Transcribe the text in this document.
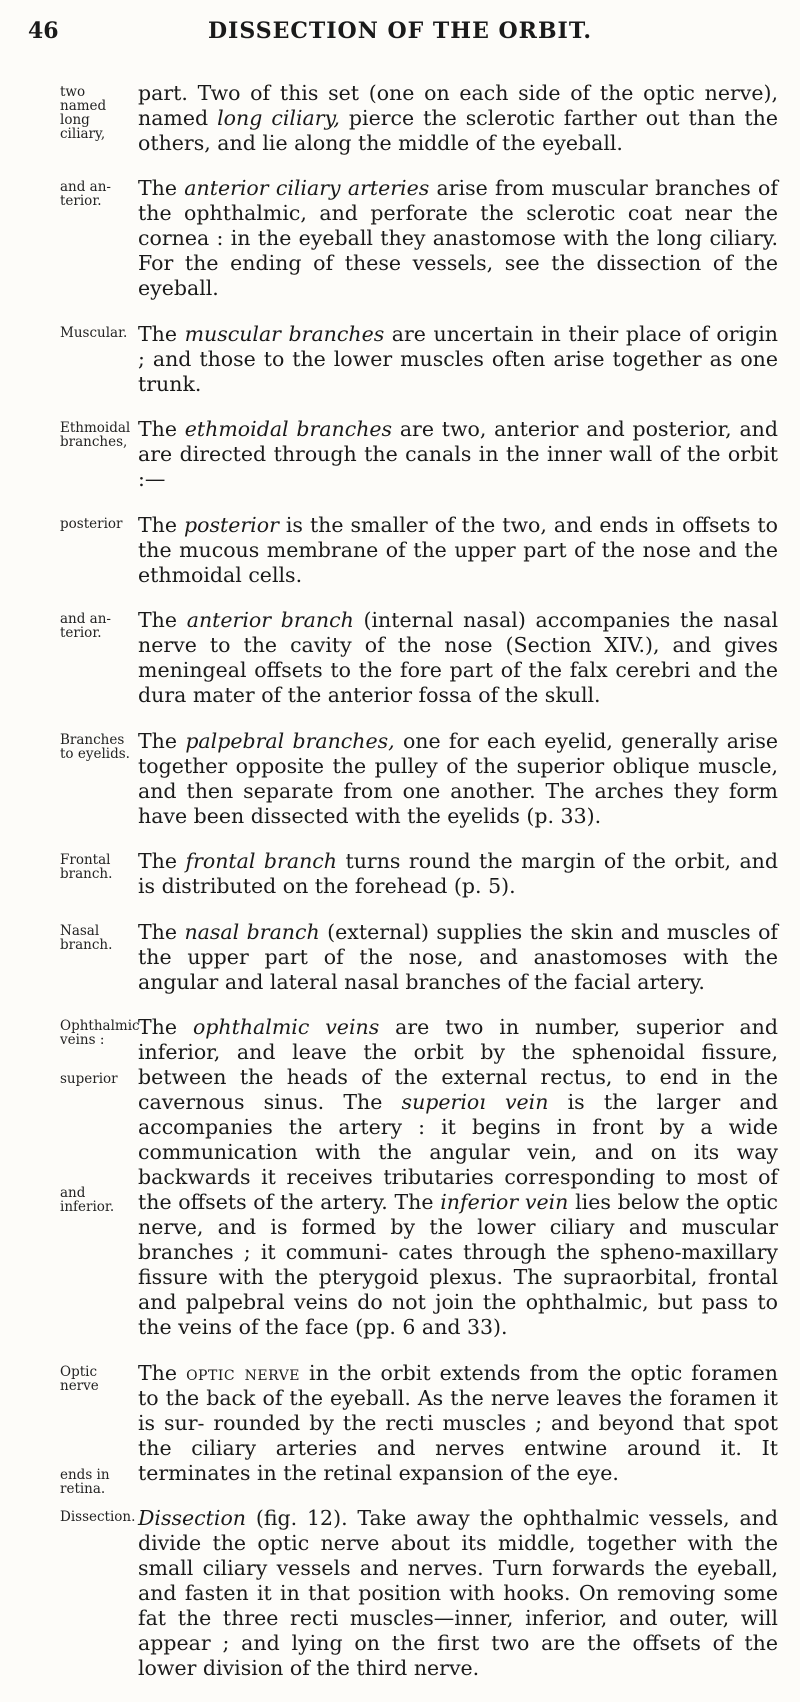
46	DISSECTION OF THE ORBIT.
two named
long ciliary,

part. Two of this set (one on each side of the optic nerve), named long ciliary, pierce the sclerotic farther out than the others, and lie along the middle of the eyeball.

and an-
terior.

The anterior ciliary arteries arise from muscular branches of the ophthalmic, and perforate the sclerotic coat near the cornea : in the eyeball they anastomose with the long ciliary. For the ending of these vessels, see the dissection of the eyeball.

Muscular. The muscular branches are uncertain in their place of origin ; and those to the lower muscles often arise together as one trunk.

Ethmoidal
branches,

The ethmoidal branches are two, anterior and posterior, and are directed through the canals in the inner wall of the orbit :—

posterior The posterior is the smaller of the two, and ends in offsets to the mucous membrane of the upper part of the nose and the ethmoidal cells.

and an-
terior.

The anterior branch (internal nasal) accompanies the nasal nerve to the cavity of the nose (Section XIV.), and gives meningeal offsets to the fore part of the falx cerebri and the dura mater of the anterior fossa of the skull.

Branches
to eyelids.

The palpebral branches, one for each eyelid, generally arise together opposite the pulley of the superior oblique muscle, and then separate from one another. The arches they form have been dissected with the eyelids (p. 33).

Frontal
branch.

The frontal branch turns round the margin of the orbit, and is distributed on the forehead (p. 5).

Nasal
branch.

The nasal branch (external) supplies the skin and muscles of the upper part of the nose, and anastomoses with the angular and lateral nasal branches of the facial artery.

Ophthalmic
veins :
superior
and inferior.

The ophthalmic veins are two in number, superior and inferior, and leave the orbit by the sphenoidal fissure, between the heads of the external rectus, to end in the cavernous sinus. The superioı vein is the larger and accompanies the artery : it begins in front by a wide communication with the angular vein, and on its way backwards it receives tributaries corresponding to most of the offsets of the artery. The inferior vein lies below the optic nerve, and is formed by the lower ciliary and muscular branches ; it communi- cates through the spheno-maxillary fissure with the pterygoid plexus. The supraorbital, frontal and palpebral veins do not join the ophthalmic, but pass to the veins of the face (pp. 6 and 33).

Optic nerve
ends in
retina.

The optic nerve in the orbit extends from the optic foramen to the back of the eyeball. As the nerve leaves the foramen it is sur- rounded by the recti muscles ; and beyond that spot the ciliary arteries and nerves entwine around it. It terminates in the retinal expansion of the eye.

Dissection. Dissection (fig. 12). Take away the ophthalmic vessels, and divide the optic nerve about its middle, together with the small ciliary vessels and nerves. Turn forwards the eyeball, and fasten it in that position with hooks. On removing some fat the three recti muscles—inner, inferior, and outer, will appear ; and lying on the first two are the offsets of the lower division of the third nerve.
